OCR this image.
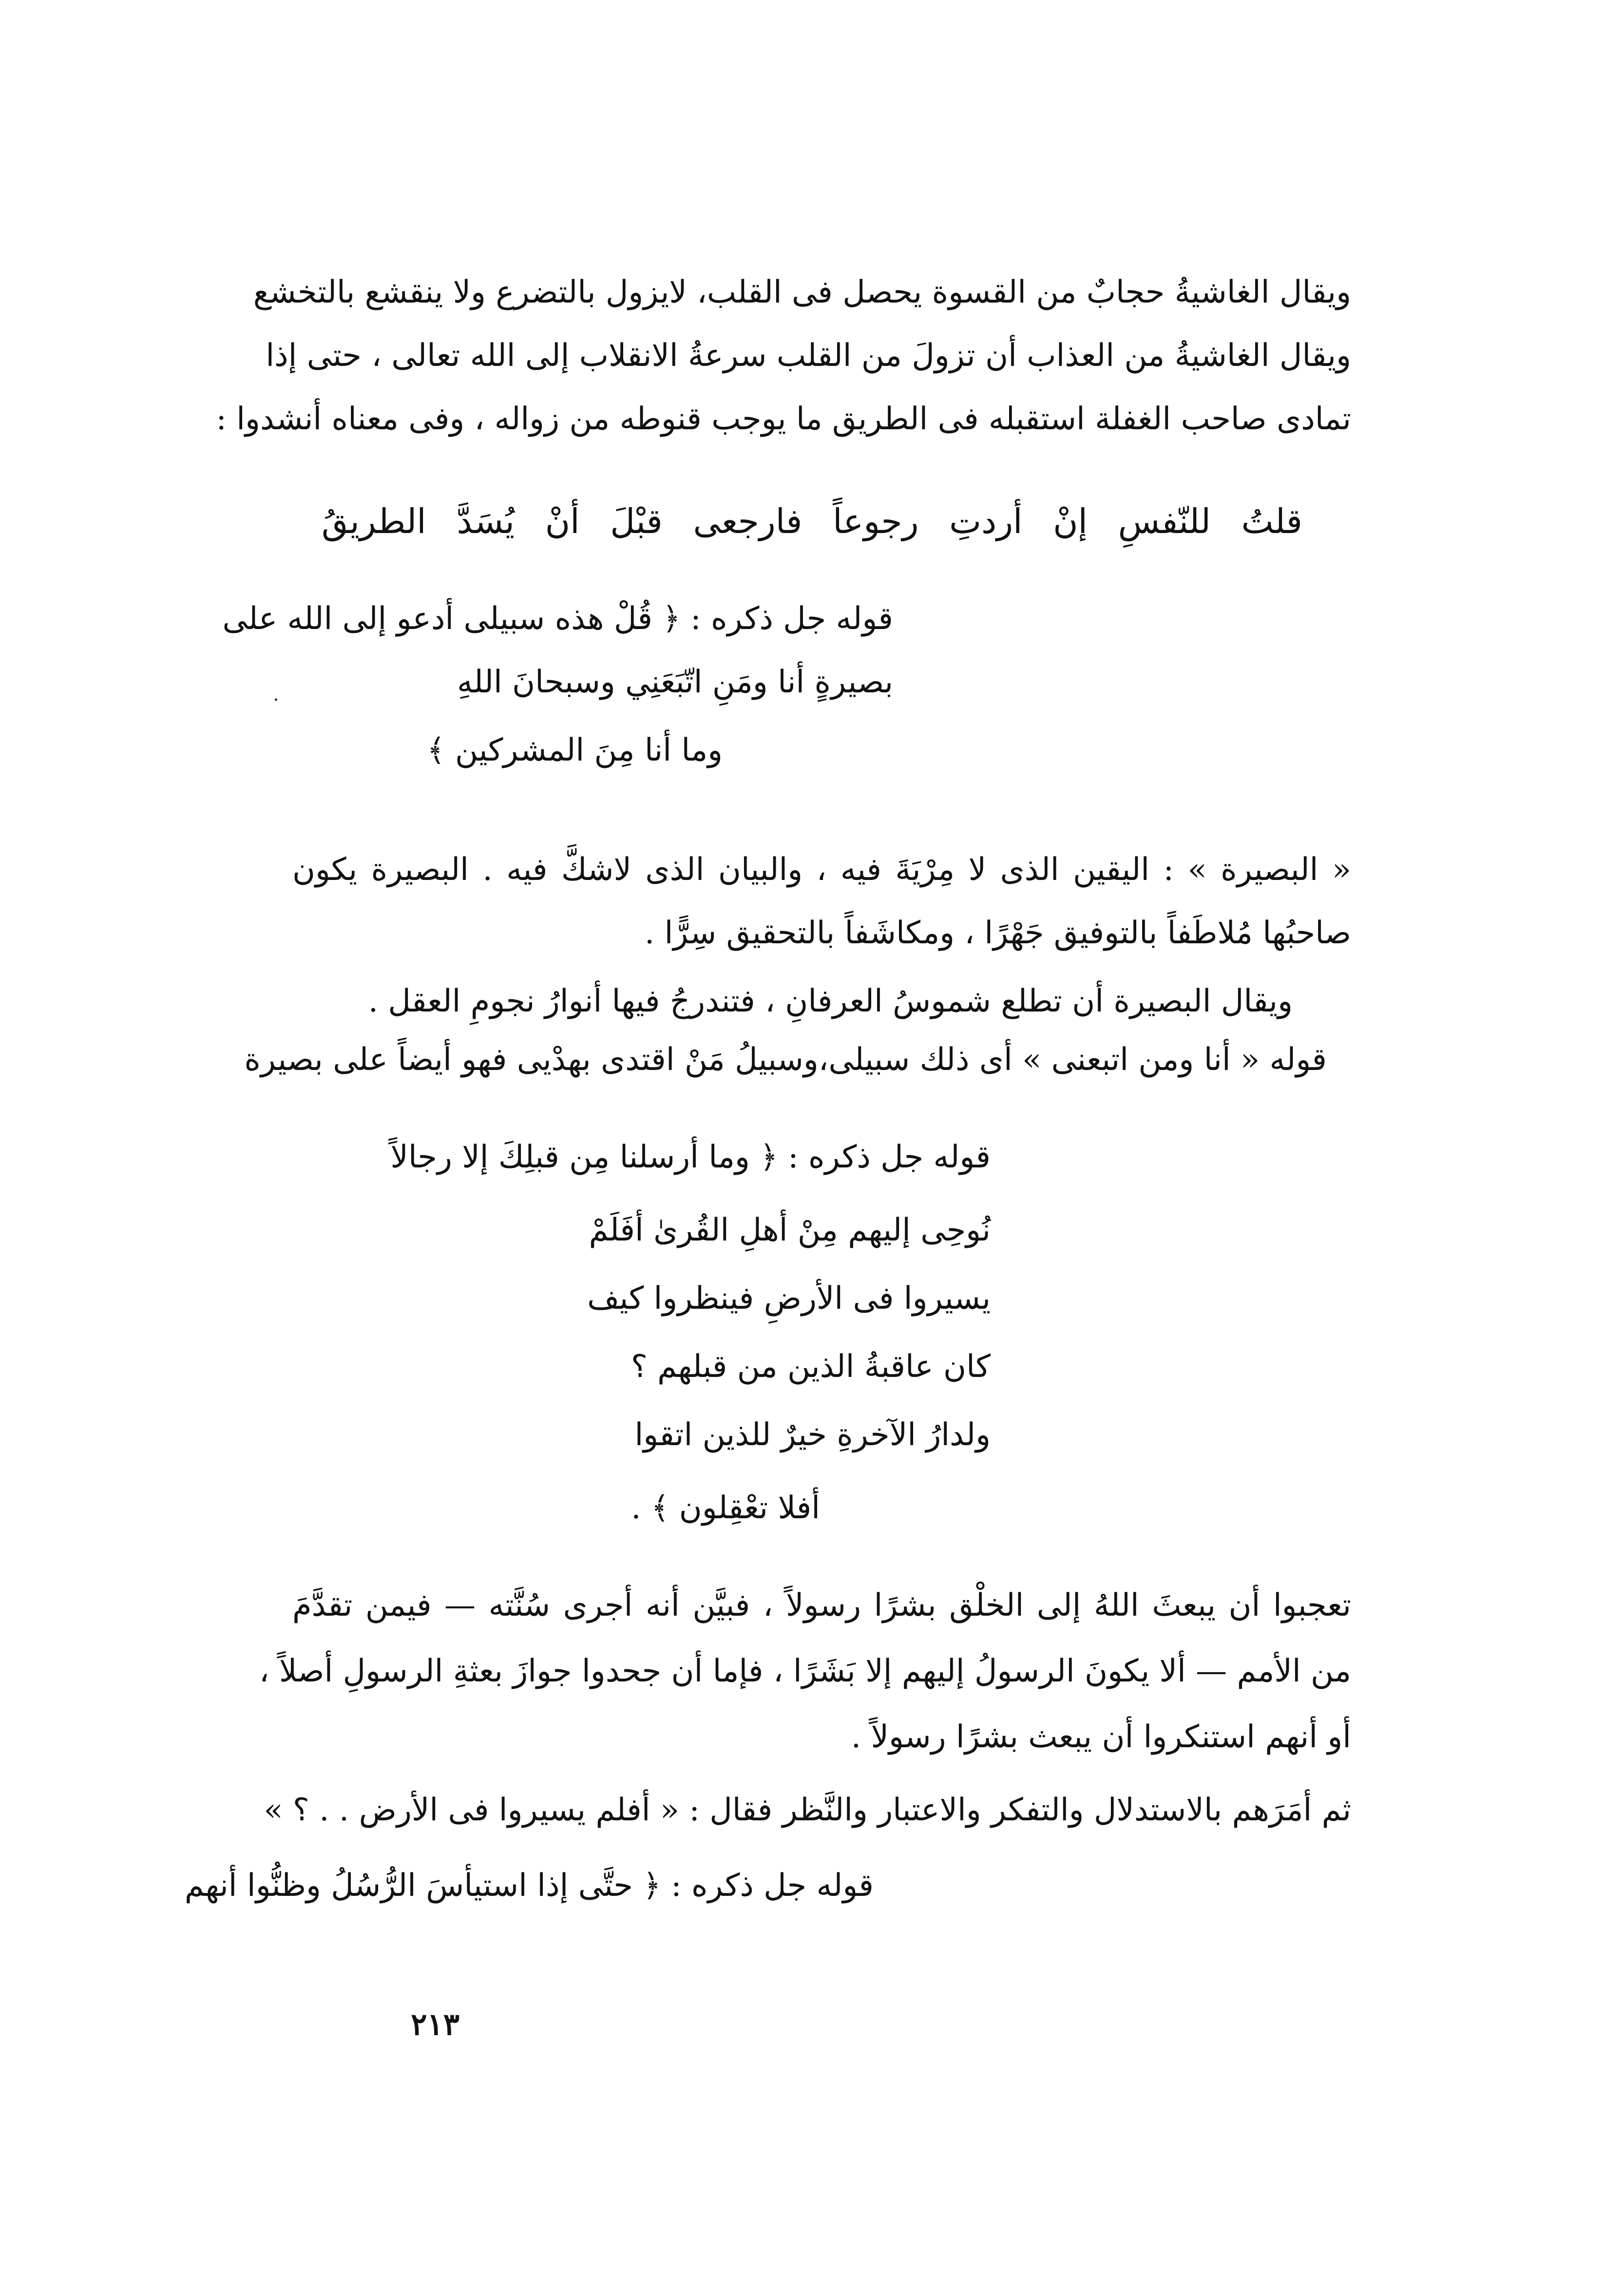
ويقال الغاشيةُ حجابٌ من القسوة يحصل فى القلب، لايزول بالتضرع ولا ينقشع بالتخشع
ويقال الغاشيةُ من العذاب أن تزولَ من القلب سرعةُ الانقلاب إلى الله تعالى ، حتى إذا
تمادى صاحب الغفلة استقبله فى الطريق ما يوجب قنوطه من زواله ، وفى معناه أنشدوا :
قلتُ للنّفسِ إنْ أردتِ رجوعاً فارجعى قبْلَ أنْ يُسَدَّ الطريقُ
قوله جل ذكره : ﴿ قُلْ هذه سبيلى أدعو إلى الله على
بصيرةٍ أنا ومَنِ اتّبَعَنِي وسبحانَ اللهِ
وما أنا مِنَ المشركين ﴾
.
« البصيرة » : اليقين الذى لا مِرْيَةَ فيه ، والبيان الذى لاشكَّ فيه . البصيرة يكون
صاحبُها مُلاطَفاً بالتوفيق جَهْرًا ، ومكاشَفاً بالتحقيق سِرًّا .
ويقال البصيرة أن تطلع شموسُ العرفانِ ، فتندرجُ فيها أنوارُ نجومِ العقل .
قوله « أنا ومن اتبعنى » أى ذلك سبيلى،وسبيلُ مَنْ اقتدى بهدْيى فهو أيضاً على بصيرة
قوله جل ذكره : ﴿ وما أرسلنا مِن قبلِكَ إلا رجالاً
نُوحِى إليهم مِنْ أهلِ القُرىٰ أفَلَمْ
يسيروا فى الأرضِ فينظروا كيف
كان عاقبةُ الذين من قبلهم ؟
ولدارُ الآخرةِ خيرٌ للذين اتقوا
أفلا تعْقِلون ﴾ .
تعجبوا أن يبعثَ اللهُ إلى الخلْق بشرًا رسولاً ، فبيَّن أنه أجرى سُنَّته — فيمن تقدَّمَ
من الأمم — ألا يكونَ الرسولُ إليهم إلا بَشَرًا ، فإما أن جحدوا جوازَ بعثةِ الرسولِ أصلاً ،
أو أنهم استنكروا أن يبعث بشرًا رسولاً .
ثم أمَرَهم بالاستدلال والتفكر والاعتبار والنَّظر فقال : « أفلم يسيروا فى الأرض . . ؟ »
قوله جل ذكره : ﴿ حتَّى إذا استيأسَ الرُّسُلُ وظنُّوا أنهم
٢١٣
